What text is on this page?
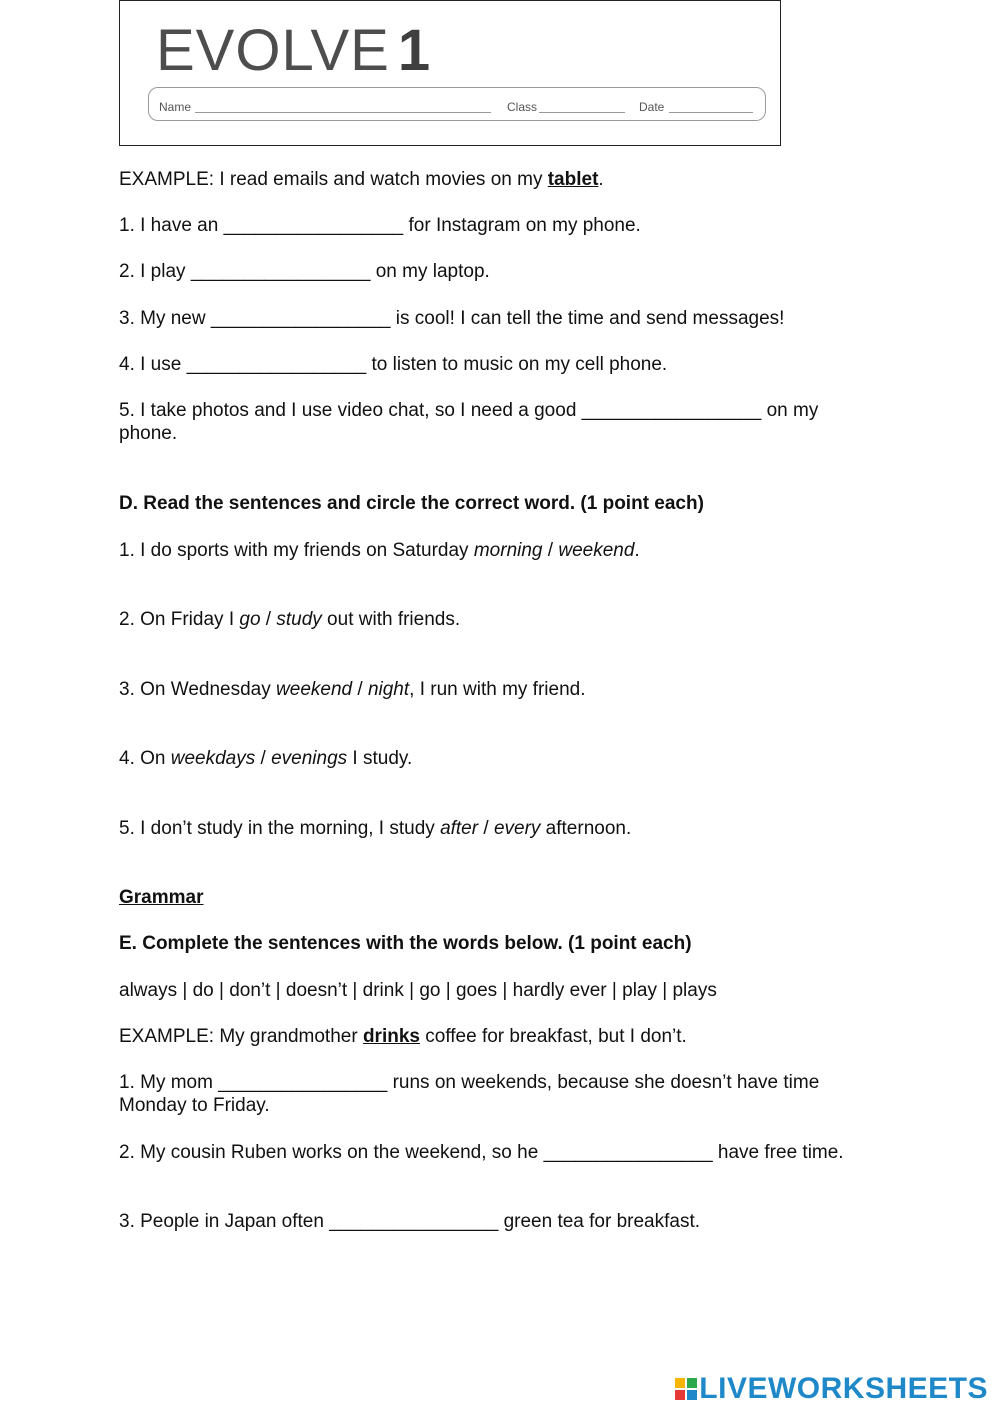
EVOLVE 1
Name	Class	Date
EXAMPLE: I read emails and watch movies on my tablet.
1. I have an _________________ for Instagram on my phone.
2. I play _________________ on my laptop.
3. My new _________________ is cool! I can tell the time and send messages!
4. I use _________________ to listen to music on my cell phone.
5. I take photos and I use video chat, so I need a good _________________ on my phone.
D. Read the sentences and circle the correct word. (1 point each)
1. I do sports with my friends on Saturday morning / weekend.
2. On Friday I go / study out with friends.
3. On Wednesday weekend / night, I run with my friend.
4. On weekdays / evenings I study.
5. I don’t study in the morning, I study after / every afternoon.
Grammar
E. Complete the sentences with the words below. (1 point each)
always | do | don’t | doesn’t | drink | go | goes | hardly ever | play | plays
EXAMPLE: My grandmother drinks coffee for breakfast, but I don’t.
1. My mom ________________ runs on weekends, because she doesn’t have time Monday to Friday.
2. My cousin Ruben works on the weekend, so he ________________ have free time.
3. People in Japan often ________________ green tea for breakfast.
LIVEWORKSHEETS
